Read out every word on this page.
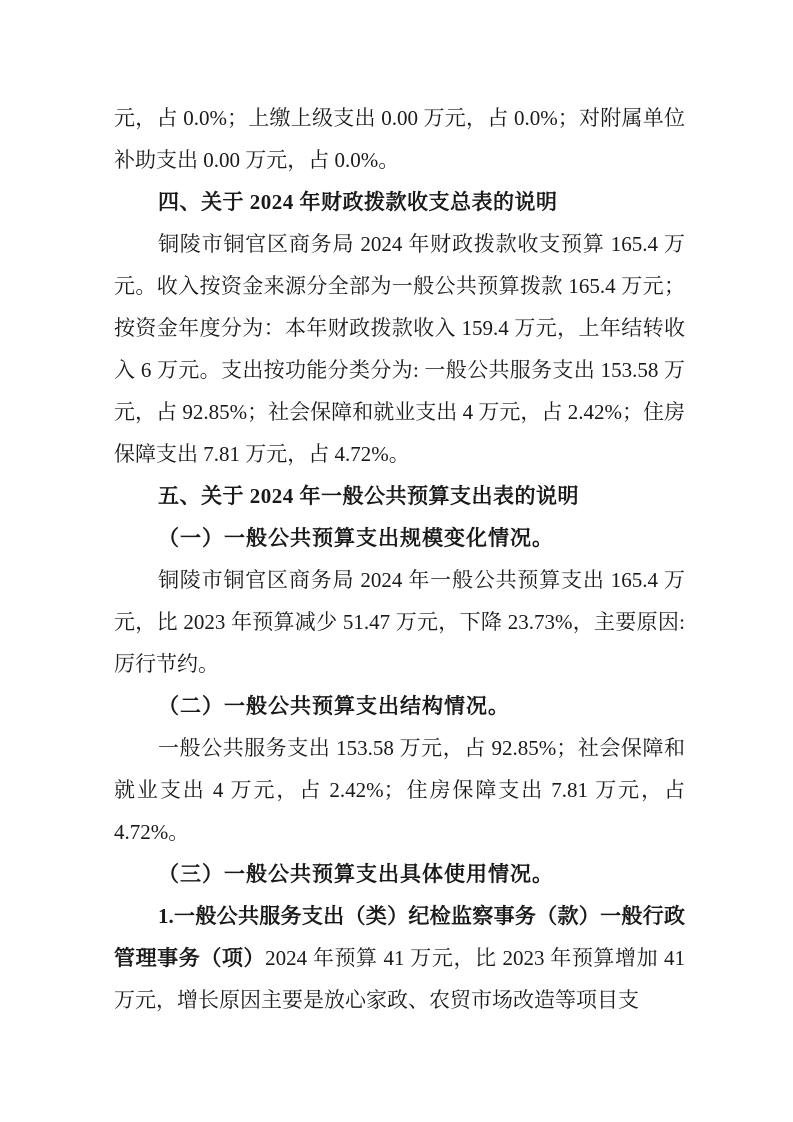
元，占 0.0%；上缴上级支出 0.00 万元，占 0.0%；对附属单位补助支出 0.00 万元，占 0.0%。

四、关于 2024 年财政拨款收支总表的说明

铜陵市铜官区商务局 2024 年财政拨款收支预算 165.4 万元。收入按资金来源分全部为一般公共预算拨款 165.4 万元；按资金年度分为：本年财政拨款收入 159.4 万元，上年结转收入 6 万元。支出按功能分类分为: 一般公共服务支出 153.58 万元，占 92.85%；社会保障和就业支出 4 万元，占 2.42%；住房保障支出 7.81 万元，占 4.72%。

五、关于 2024 年一般公共预算支出表的说明

（一）一般公共预算支出规模变化情况。

铜陵市铜官区商务局 2024 年一般公共预算支出 165.4 万元，比 2023 年预算减少 51.47 万元，下降 23.73%，主要原因: 厉行节约。

（二）一般公共预算支出结构情况。

一般公共服务支出 153.58 万元，占 92.85%；社会保障和就业支出 4 万元，占 2.42%；住房保障支出 7.81 万元，占 4.72%。

（三）一般公共预算支出具体使用情况。

1.一般公共服务支出（类）纪检监察事务（款）一般行政管理事务（项）2024 年预算 41 万元，比 2023 年预算增加 41 万元，增长原因主要是放心家政、农贸市场改造等项目支
